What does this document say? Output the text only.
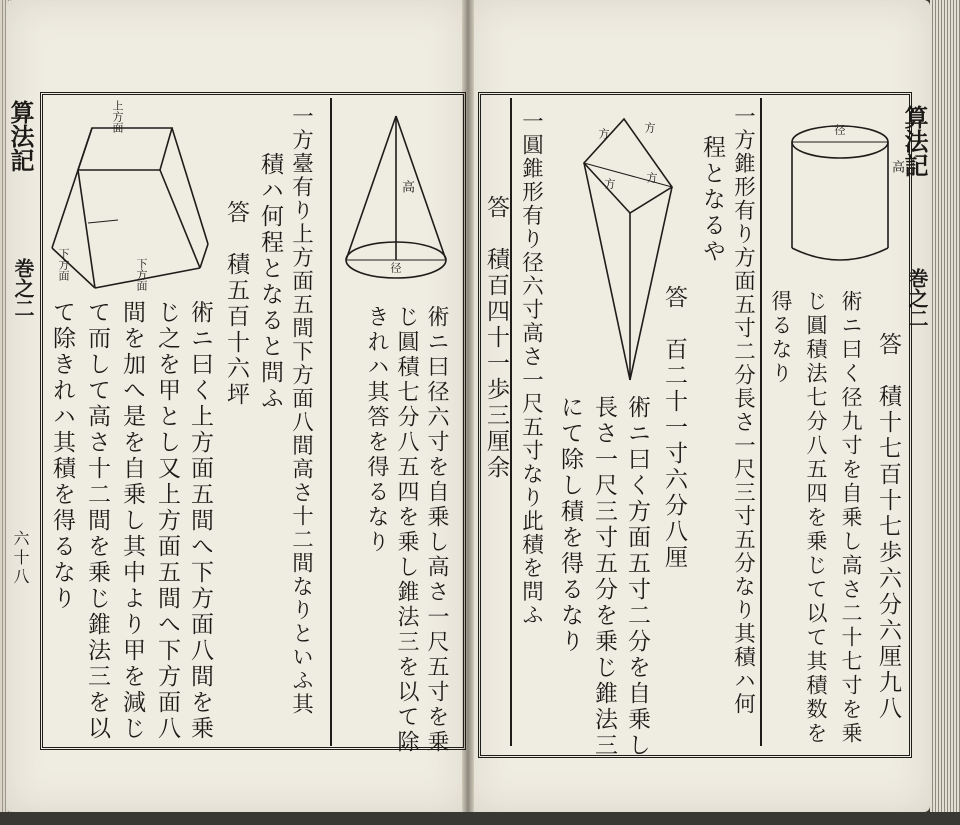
算法記
巻之二
六十八
上方面
下方面	下方面
高
径
術ニ曰径六寸を自乗し高さ一尺五寸を乗
じ圓積七分八五四を乗し錐法三を以て除
きれハ其答を得るなり
一方臺有り上方面五間下方面八間高さ十二間なりといふ其
積ハ何程となると問ふ
答　積五百十六坪
術ニ曰く上方面五間へ下方面八間を乗
じ之を甲とし又上方面五間へ下方面八
間を加へ是を自乗し其中より甲を減じ
て而して高さ十二間を乗じ錐法三を以
て除きれハ其積を得るなり
算法記
巻之二
径
高
方
方
方
方
答　積十七百十七歩六分六厘九八
術ニ曰く径九寸を自乗し高さ二十七寸を乗
じ圓積法七分八五四を乗じて以て其積数を
得るなり
一方錐形有り方面五寸二分長さ一尺三寸五分なり其積ハ何
程となるや
答　百二十一寸六分八厘
術ニ曰く方面五寸二分を自乗し
長さ一尺三寸五分を乗じ錐法三
にて除し積を得るなり
一圓錐形有り径六寸高さ一尺五寸なり此積を問ふ
答　積百四十一歩三厘余
